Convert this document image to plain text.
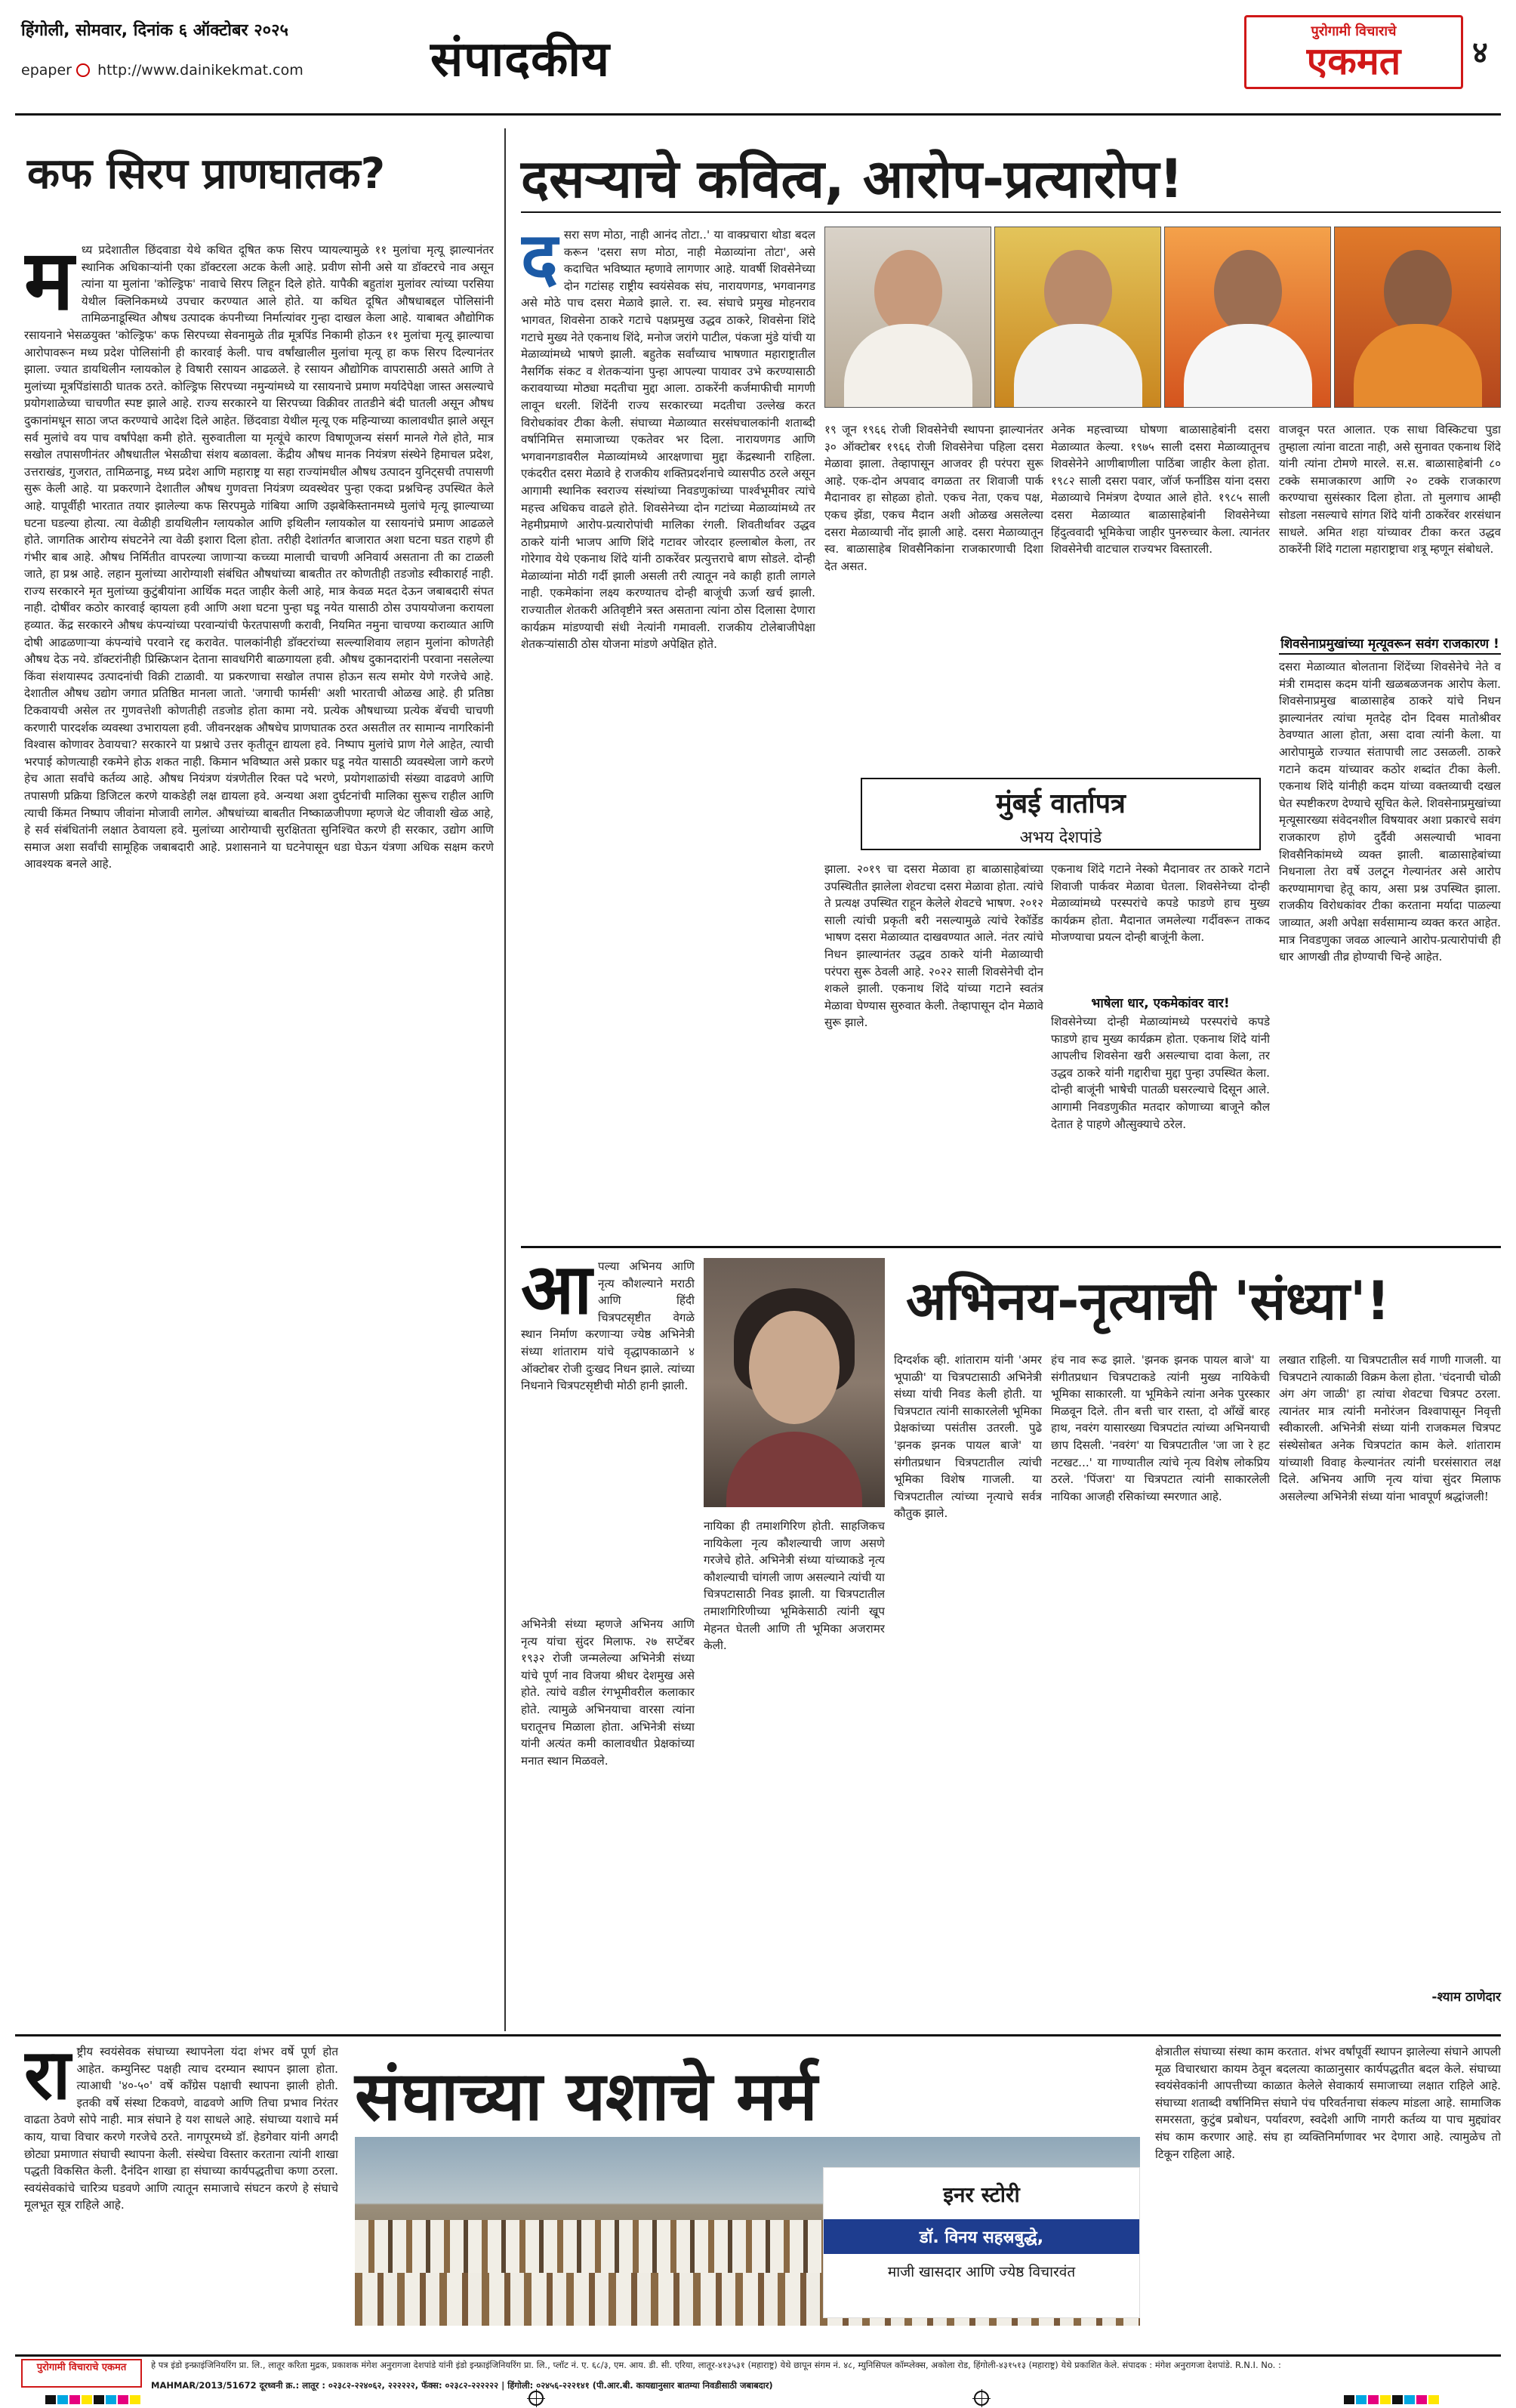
हिंगोली, सोमवार, दिनांक ६ ऑक्टोबर २०२५
epaper http://www.dainikekmat.com	संपादकीय
पुरोगामी विचाराचे
एकमत	४
कफ सिरप प्राणघातक?
म ध्य प्रदेशातील छिंदवाडा येथे कथित दूषित कफ सिरप प्यायल्यामुळे ११ मुलांचा मृत्यू झाल्यानंतर स्थानिक अधिकाऱ्यांनी एका डॉक्टरला अटक केली आहे. प्रवीण सोनी असे या डॉक्टरचे नाव असून त्यांना या मुलांना 'कोल्ड्रिफ' नावाचे सिरप लिहून दिले होते. यापैकी बहुतांश मुलांवर त्यांच्या परसिया येथील क्लिनिकमध्ये उपचार करण्यात आले होते. या कथित दूषित औषधाबद्दल पोलिसांनी तामिळनाडूस्थित औषध उत्पादक कंपनीच्या निर्मात्यांवर गुन्हा दाखल केला आहे. याबाबत औद्योगिक रसायनाने भेसळयुक्त 'कोल्ड्रिफ' कफ सिरपच्या सेवनामुळे तीव्र मूत्रपिंड निकामी होऊन ११ मुलांचा मृत्यू झाल्याचा आरोपावरून मध्य प्रदेश पोलिसांनी ही कारवाई केली. पाच वर्षांखालील मुलांचा मृत्यू हा कफ सिरप दिल्यानंतर झाला. ज्यात डायथिलीन ग्लायकोल हे विषारी रसायन आढळले. हे रसायन औद्योगिक वापरासाठी असते आणि ते मुलांच्या मूत्रपिंडांसाठी घातक ठरते. कोल्ड्रिफ सिरपच्या नमुन्यांमध्ये या रसायनाचे प्रमाण मर्यादेपेक्षा जास्त असल्याचे प्रयोगशाळेच्या चाचणीत स्पष्ट झाले आहे. राज्य सरकारने या सिरपच्या विक्रीवर तातडीने बंदी घातली असून औषध दुकानांमधून साठा जप्त करण्याचे आदेश दिले आहेत. छिंदवाडा येथील मृत्यू एक महिन्याच्या कालावधीत झाले असून सर्व मुलांचे वय पाच वर्षांपेक्षा कमी होते. सुरुवातीला या मृत्यूंचे कारण विषाणूजन्य संसर्ग मानले गेले होते, मात्र सखोल तपासणीनंतर औषधातील भेसळीचा संशय बळावला. केंद्रीय औषध मानक नियंत्रण संस्थेने हिमाचल प्रदेश, उत्तराखंड, गुजरात, तामिळनाडू, मध्य प्रदेश आणि महाराष्ट्र या सहा राज्यांमधील औषध उत्पादन युनिट्सची तपासणी सुरू केली आहे. या प्रकरणाने देशातील औषध गुणवत्ता नियंत्रण व्यवस्थेवर पुन्हा एकदा प्रश्नचिन्ह उपस्थित केले आहे. यापूर्वीही भारतात तयार झालेल्या कफ सिरपमुळे गांबिया आणि उझबेकिस्तानमध्ये मुलांचे मृत्यू झाल्याच्या घटना घडल्या होत्या. त्या वेळीही डायथिलीन ग्लायकोल आणि इथिलीन ग्लायकोल या रसायनांचे प्रमाण आढळले होते. जागतिक आरोग्य संघटनेने त्या वेळी इशारा दिला होता. तरीही देशांतर्गत बाजारात अशा घटना घडत राहणे ही गंभीर बाब आहे. औषध निर्मितीत वापरल्या जाणाऱ्या कच्च्या मालाची चाचणी अनिवार्य असताना ती का टाळली जाते, हा प्रश्न आहे. लहान मुलांच्या आरोग्याशी संबंधित औषधांच्या बाबतीत तर कोणतीही तडजोड स्वीकारार्ह नाही. राज्य सरकारने मृत मुलांच्या कुटुंबीयांना आर्थिक मदत जाहीर केली आहे, मात्र केवळ मदत देऊन जबाबदारी संपत नाही. दोषींवर कठोर कारवाई व्हायला हवी आणि अशा घटना पुन्हा घडू नयेत यासाठी ठोस उपाययोजना करायला हव्यात. केंद्र सरकारने औषध कंपन्यांच्या परवान्यांची फेरतपासणी करावी, नियमित नमुना चाचण्या कराव्यात आणि दोषी आढळणाऱ्या कंपन्यांचे परवाने रद्द करावेत. पालकांनीही डॉक्टरांच्या सल्ल्याशिवाय लहान मुलांना कोणतेही औषध देऊ नये. डॉक्टरांनीही प्रिस्क्रिप्शन देताना सावधगिरी बाळगायला हवी. औषध दुकानदारांनी परवाना नसलेल्या किंवा संशयास्पद उत्पादनांची विक्री टाळावी. या प्रकरणाचा सखोल तपास होऊन सत्य समोर येणे गरजेचे आहे. देशातील औषध उद्योग जगात प्रतिष्ठित मानला जातो. 'जगाची फार्मसी' अशी भारताची ओळख आहे. ही प्रतिष्ठा टिकवायची असेल तर गुणवत्तेशी कोणतीही तडजोड होता कामा नये. प्रत्येक औषधाच्या प्रत्येक बॅचची चाचणी करणारी पारदर्शक व्यवस्था उभारायला हवी. जीवनरक्षक औषधेच प्राणघातक ठरत असतील तर सामान्य नागरिकांनी विश्वास कोणावर ठेवायचा? सरकारने या प्रश्नाचे उत्तर कृतीतून द्यायला हवे. निष्पाप मुलांचे प्राण गेले आहेत, त्याची भरपाई कोणत्याही रकमेने होऊ शकत नाही. किमान भविष्यात असे प्रकार घडू नयेत यासाठी व्यवस्थेला जागे करणे हेच आता सर्वांचे कर्तव्य आहे. औषध नियंत्रण यंत्रणेतील रिक्त पदे भरणे, प्रयोगशाळांची संख्या वाढवणे आणि तपासणी प्रक्रिया डिजिटल करणे याकडेही लक्ष द्यायला हवे. अन्यथा अशा दुर्घटनांची मालिका सुरूच राहील आणि त्याची किंमत निष्पाप जीवांना मोजावी लागेल. औषधांच्या बाबतीत निष्काळजीपणा म्हणजे थेट जीवाशी खेळ आहे, हे सर्व संबंधितांनी लक्षात ठेवायला हवे. मुलांच्या आरोग्याची सुरक्षितता सुनिश्चित करणे ही सरकार, उद्योग आणि समाज अशा सर्वांची सामूहिक जबाबदारी आहे. प्रशासनाने या घटनेपासून धडा घेऊन यंत्रणा अधिक सक्षम करणे आवश्यक बनले आहे.

दसऱ्याचे कवित्व, आरोप-प्रत्यारोप!
द सरा सण मोठा, नाही आनंद तोटा..' या वाक्प्रचारा थोडा बदल करून 'दसरा सण मोठा, नाही मेळाव्यांना तोटा', असे कदाचित भविष्यात म्हणावे लागणार आहे. यावर्षी शिवसेनेच्या दोन गटांसह राष्ट्रीय स्वयंसेवक संघ, नारायणगड, भगवानगड असे मोठे पाच दसरा मेळावे झाले. रा. स्व. संघाचे प्रमुख मोहनराव भागवत, शिवसेना ठाकरे गटाचे पक्षप्रमुख उद्धव ठाकरे, शिवसेना शिंदे गटाचे मुख्य नेते एकनाथ शिंदे, मनोज जरांगे पाटील, पंकजा मुंडे यांची या मेळाव्यांमध्ये भाषणे झाली. बहुतेक सर्वांच्याच भाषणात महाराष्ट्रातील नैसर्गिक संकट व शेतकऱ्यांना पुन्हा आपल्या पायावर उभे करण्यासाठी करावयाच्या मोठ्या मदतीचा मुद्दा आला. ठाकरेंनी कर्जमाफीची मागणी लावून धरली. शिंदेंनी राज्य सरकारच्या मदतीचा उल्लेख करत विरोधकांवर टीका केली. संघाच्या मेळाव्यात सरसंघचालकांनी शताब्दी वर्षानिमित्त समाजाच्या एकतेवर भर दिला. नारायणगड आणि भगवानगडावरील मेळाव्यांमध्ये आरक्षणाचा मुद्दा केंद्रस्थानी राहिला. एकंदरीत दसरा मेळावे हे राजकीय शक्तिप्रदर्शनाचे व्यासपीठ ठरले असून आगामी स्थानिक स्वराज्य संस्थांच्या निवडणुकांच्या पार्श्वभूमीवर त्यांचे महत्त्व अधिकच वाढले होते. शिवसेनेच्या दोन गटांच्या मेळाव्यांमध्ये तर नेहमीप्रमाणे आरोप-प्रत्यारोपांची मालिका रंगली. शिवतीर्थावर उद्धव ठाकरे यांनी भाजप आणि शिंदे गटावर जोरदार हल्लाबोल केला, तर गोरेगाव येथे एकनाथ शिंदे यांनी ठाकरेंवर प्रत्युत्तराचे बाण सोडले. दोन्ही मेळाव्यांना मोठी गर्दी झाली असली तरी त्यातून नवे काही हाती लागले नाही. एकमेकांना लक्ष्य करण्यातच दोन्ही बाजूंची ऊर्जा खर्च झाली. राज्यातील शेतकरी अतिवृष्टीने त्रस्त असताना त्यांना ठोस दिलासा देणारा कार्यक्रम मांडण्याची संधी नेत्यांनी गमावली. राजकीय टोलेबाजीपेक्षा शेतकऱ्यांसाठी ठोस योजना मांडणे अपेक्षित होते.

१९ जून १९६६ रोजी शिवसेनेची स्थापना झाल्यानंतर ३० ऑक्टोबर १९६६ रोजी शिवसेनेचा पहिला दसरा मेळावा झाला. तेव्हापासून आजवर ही परंपरा सुरू आहे. एक-दोन अपवाद वगळता तर शिवाजी पार्क मैदानावर हा सोहळा होतो. एकच नेता, एकच पक्ष, एकच झेंडा, एकच मैदान अशी ओळख असलेल्या दसरा मेळाव्याची नोंद झाली आहे. दसरा मेळाव्यातून स्व. बाळासाहेब शिवसैनिकांना राजकारणाची दिशा देत असत.

अनेक महत्त्वाच्या घोषणा बाळासाहेबांनी दसरा मेळाव्यात केल्या. १९७५ साली दसरा मेळाव्यातूनच शिवसेनेने आणीबाणीला पाठिंबा जाहीर केला होता. १९८२ साली दसरा पवार, जॉर्ज फर्नांडिस यांना दसरा मेळाव्याचे निमंत्रण देण्यात आले होते. १९८५ साली दसरा मेळाव्यात बाळासाहेबांनी शिवसेनेच्या हिंदुत्ववादी भूमिकेचा जाहीर पुनरुच्चार केला. त्यानंतर शिवसेनेची वाटचाल राज्यभर विस्तारली.

वाजवून परत आलात. एक साधा विस्किटचा पुडा तुम्हाला त्यांना वाटता नाही, असे सुनावत एकनाथ शिंदे यांनी त्यांना टोमणे मारले. स.स. बाळासाहेबांनी ८० टक्के समाजकारण आणि २० टक्के राजकारण करण्याचा सुसंस्कार दिला होता. तो मुलगाच आम्ही सोडला नसल्याचे सांगत शिंदे यांनी ठाकरेंवर शरसंधान साधले. अमित शहा यांच्यावर टीका करत उद्धव ठाकरेंनी शिंदे गटाला महाराष्ट्राचा शत्रू म्हणून संबोधले.

शिवसेनाप्रमुखांच्या मृत्यूवरून सवंग राजकारण !

दसरा मेळाव्यात बोलताना शिंदेंच्या शिवसेनेचे नेते व मंत्री रामदास कदम यांनी खळबळजनक आरोप केला. शिवसेनाप्रमुख बाळासाहेब ठाकरे यांचे निधन झाल्यानंतर त्यांचा मृतदेह दोन दिवस मातोश्रीवर ठेवण्यात आला होता, असा दावा त्यांनी केला. या आरोपामुळे राज्यात संतापाची लाट उसळली. ठाकरे गटाने कदम यांच्यावर कठोर शब्दांत टीका केली. एकनाथ शिंदे यांनीही कदम यांच्या वक्तव्याची दखल घेत स्पष्टीकरण देण्याचे सूचित केले. शिवसेनाप्रमुखांच्या मृत्यूसारख्या संवेदनशील विषयावर अशा प्रकारचे सवंग राजकारण होणे दुर्दैवी असल्याची भावना शिवसैनिकांमध्ये व्यक्त झाली. बाळासाहेबांच्या निधनाला तेरा वर्षे उलटून गेल्यानंतर असे आरोप करण्यामागचा हेतू काय, असा प्रश्न उपस्थित झाला. राजकीय विरोधकांवर टीका करताना मर्यादा पाळल्या जाव्यात, अशी अपेक्षा सर्वसामान्य व्यक्त करत आहेत. मात्र निवडणुका जवळ आल्याने आरोप-प्रत्यारोपांची ही धार आणखी तीव्र होण्याची चिन्हे आहेत.

मुंबई वार्तापत्र
अभय देशपांडे

झाला. २०१९ चा दसरा मेळावा हा बाळासाहेबांच्या उपस्थितीत झालेला शेवटचा दसरा मेळावा होता. त्यांचे ते प्रत्यक्ष उपस्थित राहून केलेले शेवटचे भाषण. २०१२ साली त्यांची प्रकृती बरी नसल्यामुळे त्यांचे रेकॉर्डेड भाषण दसरा मेळाव्यात दाखवण्यात आले. नंतर त्यांचे निधन झाल्यानंतर उद्धव ठाकरे यांनी मेळाव्याची परंपरा सुरू ठेवली आहे. २०२२ साली शिवसेनेची दोन शकले झाली. एकनाथ शिंदे यांच्या गटाने स्वतंत्र मेळावा घेण्यास सुरुवात केली. तेव्हापासून दोन मेळावे सुरू झाले.

एकनाथ शिंदे गटाने नेस्को मैदानावर तर ठाकरे गटाने शिवाजी पार्कवर मेळावा घेतला. शिवसेनेच्या दोन्ही मेळाव्यांमध्ये परस्परांचे कपडे फाडणे हाच मुख्य कार्यक्रम होता. मैदानात जमलेल्या गर्दीवरून ताकद मोजण्याचा प्रयत्न दोन्ही बाजूंनी केला.

भाषेला धार, एकमेकांवर वार!

शिवसेनेच्या दोन्ही मेळाव्यांमध्ये परस्परांचे कपडे फाडणे हाच मुख्य कार्यक्रम होता. एकनाथ शिंदे यांनी आपलीच शिवसेना खरी असल्याचा दावा केला, तर उद्धव ठाकरे यांनी गद्दारीचा मुद्दा पुन्हा उपस्थित केला. दोन्ही बाजूंनी भाषेची पातळी घसरल्याचे दिसून आले. आगामी निवडणुकीत मतदार कोणाच्या बाजूने कौल देतात हे पाहणे औत्सुक्याचे ठरेल.

अभिनय-नृत्याची 'संध्या'!
आ पल्या अभिनय आणि नृत्य कौशल्याने मराठी आणि हिंदी चित्रपटसृष्टीत वेगळे स्थान निर्माण करणाऱ्या ज्येष्ठ अभिनेत्री संध्या शांताराम यांचे वृद्धापकाळाने ४ ऑक्टोबर रोजी दुःखद निधन झाले. त्यांच्या निधनाने चित्रपटसृष्टीची मोठी हानी झाली.

अभिनेत्री संध्या म्हणजे अभिनय आणि नृत्य यांचा सुंदर मिलाफ. २७ सप्टेंबर १९३२ रोजी जन्मलेल्या अभिनेत्री संध्या यांचे पूर्ण नाव विजया श्रीधर देशमुख असे होते. त्यांचे वडील रंगभूमीवरील कलाकार होते. त्यामुळे अभिनयाचा वारसा त्यांना घरातूनच मिळाला होता. अभिनेत्री संध्या यांनी अत्यंत कमी कालावधीत प्रेक्षकांच्या मनात स्थान मिळवले.

नायिका ही तमाशगिरिण होती. साहजिकच नायिकेला नृत्य कौशल्याची जाण असणे गरजेचे होते. अभिनेत्री संध्या यांच्याकडे नृत्य कौशल्याची चांगली जाण असल्याने त्यांची या चित्रपटासाठी निवड झाली. या चित्रपटातील तमाशगिरिणीच्या भूमिकेसाठी त्यांनी खूप मेहनत घेतली आणि ती भूमिका अजरामर केली.

दिग्दर्शक व्ही. शांताराम यांनी 'अमर भूपाळी' या चित्रपटासाठी अभिनेत्री संध्या यांची निवड केली होती. या चित्रपटात त्यांनी साकारलेली भूमिका प्रेक्षकांच्या पसंतीस उतरली. पुढे 'झनक झनक पायल बाजे' या संगीतप्रधान चित्रपटातील त्यांची भूमिका विशेष गाजली. या चित्रपटातील त्यांच्या नृत्याचे सर्वत्र कौतुक झाले.

हंच नाव रूढ झाले. 'झनक झनक पायल बाजे' या संगीतप्रधान चित्रपटाकडे त्यांनी मुख्य नायिकेची भूमिका साकारली. या भूमिकेने त्यांना अनेक पुरस्कार मिळवून दिले. तीन बत्ती चार रास्ता, दो आँखें बारह हाथ, नवरंग यासारख्या चित्रपटांत त्यांच्या अभिनयाची छाप दिसली. 'नवरंग' या चित्रपटातील 'जा जा रे हट नटखट...' या गाण्यातील त्यांचे नृत्य विशेष लोकप्रिय ठरले. 'पिंजरा' या चित्रपटात त्यांनी साकारलेली नायिका आजही रसिकांच्या स्मरणात आहे.

लखात राहिली. या चित्रपटातील सर्व गाणी गाजली. या चित्रपटाने त्याकाळी विक्रम केला होता. 'चंदनाची चोळी अंग अंग जाळी' हा त्यांचा शेवटचा चित्रपट ठरला. त्यानंतर मात्र त्यांनी मनोरंजन विश्वापासून निवृत्ती स्वीकारली. अभिनेत्री संध्या यांनी राजकमल चित्रपट संस्थेसोबत अनेक चित्रपटांत काम केले. शांताराम यांच्याशी विवाह केल्यानंतर त्यांनी घरसंसारात लक्ष दिले. अभिनय आणि नृत्य यांचा सुंदर मिलाफ असलेल्या अभिनेत्री संध्या यांना भावपूर्ण श्रद्धांजली!

-श्याम ठाणेदार
रा ष्ट्रीय स्वयंसेवक संघाच्या स्थापनेला यंदा शंभर वर्षे पूर्ण होत आहेत. कम्युनिस्ट पक्षही त्याच दरम्यान स्थापन झाला होता. त्याआधी '४०-५०' वर्षे काँग्रेस पक्षाची स्थापना झाली होती. इतकी वर्षे संस्था टिकवणे, वाढवणे आणि तिचा प्रभाव निरंतर वाढता ठेवणे सोपे नाही. मात्र संघाने हे यश साधले आहे. संघाच्या यशाचे मर्म काय, याचा विचार करणे गरजेचे ठरते. नागपूरमध्ये डॉ. हेडगेवार यांनी अगदी छोट्या प्रमाणात संघाची स्थापना केली. संस्थेचा विस्तार करताना त्यांनी शाखा पद्धती विकसित केली. दैनंदिन शाखा हा संघाच्या कार्यपद्धतीचा कणा ठरला. स्वयंसेवकांचे चारित्र्य घडवणे आणि त्यातून समाजाचे संघटन करणे हे संघाचे मूलभूत सूत्र राहिले आहे.

संघाच्या यशाचे मर्म
इनर स्टोरी
डॉ. विनय सहस्रबुद्धे,
माजी खासदार आणि ज्येष्ठ विचारवंत

क्षेत्रातील संघाच्या संस्था काम करतात. शंभर वर्षांपूर्वी स्थापन झालेल्या संघाने आपली मूळ विचारधारा कायम ठेवून बदलत्या काळानुसार कार्यपद्धतीत बदल केले. संघाच्या स्वयंसेवकांनी आपत्तीच्या काळात केलेले सेवाकार्य समाजाच्या लक्षात राहिले आहे. संघाच्या शताब्दी वर्षानिमित्त संघाने पंच परिवर्तनाचा संकल्प मांडला आहे. सामाजिक समरसता, कुटुंब प्रबोधन, पर्यावरण, स्वदेशी आणि नागरी कर्तव्य या पाच मुद्द्यांवर संघ काम करणार आहे. संघ हा व्यक्तिनिर्माणावर भर देणारा आहे. त्यामुळेच तो टिकून राहिला आहे.

पुरोगामी विचाराचे एकमत	हे पत्र इंडो इन्फ्राइंजिनियरिंग प्रा. लि., लातूर करिता मुद्रक, प्रकाशक मंगेश अनुरागजा देशपांडे यांनी इंडो इन्फ्राइंजिनियरिंग प्रा. लि., प्लॉट नं. ए. ६८/३, एम. आय. डी. सी. एरिया, लातूर-४१३५३१ (महाराष्ट्र) येथे छापून संगम नं. ४८, म्युनिसिपल कॉम्प्लेक्स, अकोला रोड, हिंगोली-४३१५१३ (महाराष्ट्र) येथे प्रकाशित केले. संपादक : मंगेश अनुरागजा देशपांडे. R.N.I. No. :
MAHMAR/2013/51672 दूरध्वनी क्र.: लातूर : ०२३८२-२२४०६२, २२२२२२, फॅक्स: ०२३८२-२२२२२२ | हिंगोली: ०२४५६-२२२१४१ (पी.आर.बी. कायद्यानुसार बातम्या निवडीसाठी जबाबदार)
